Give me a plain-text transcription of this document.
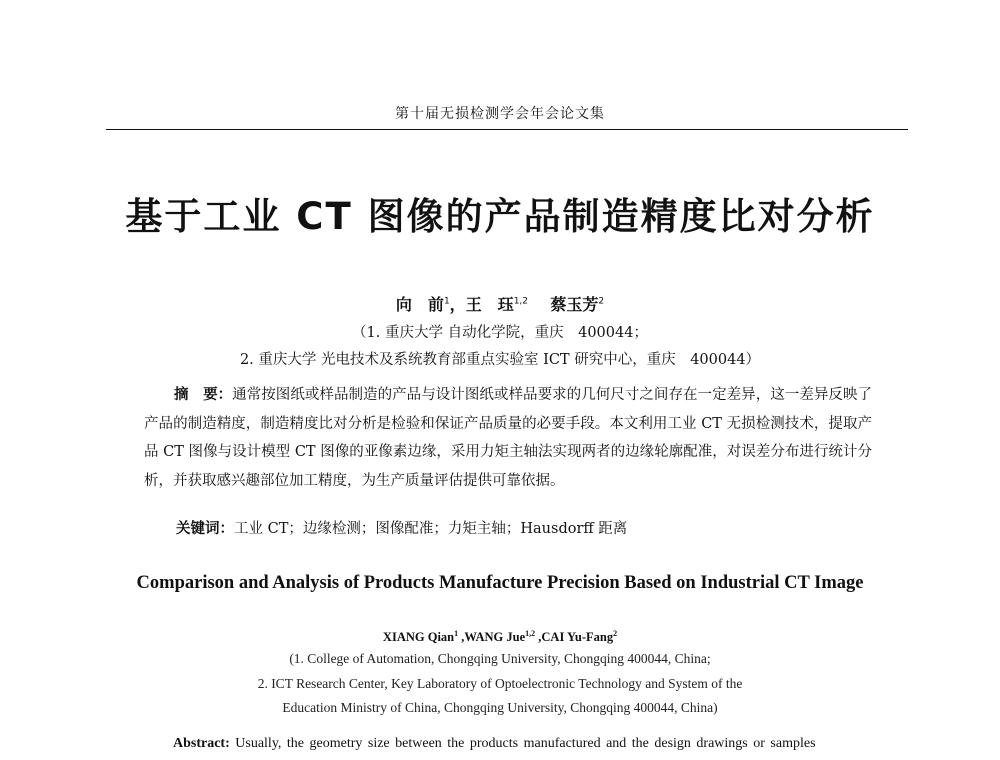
第十届无损检测学会年会论文集
基于工业 CT 图像的产品制造精度比对分析
向　前$^1$，王　珏$^{1,2}$ 蔡玉芳$^2$
（1. 重庆大学 自动化学院，重庆　400044；
2. 重庆大学 光电技术及系统教育部重点实验室 ICT 研究中心，重庆　400044）

摘　要：通常按图纸或样品制造的产品与设计图纸或样品要求的几何尺寸之间存在一定差异，这一差异反映了产品的制造精度，制造精度比对分析是检验和保证产品质量的必要手段。本文利用工业 CT 无损检测技术，提取产品 CT 图像与设计模型 CT 图像的亚像素边缘，采用力矩主轴法实现两者的边缘轮廓配准，对误差分布进行统计分析，并获取感兴趣部位加工精度，为生产质量评估提供可靠依据。

关键词：工业 CT；边缘检测；图像配准；力矩主轴；Hausdorff 距离
Comparison and Analysis of Products Manufacture Precision Based on Industrial CT Image
XIANG Qian$^1$ ,WANG Jue$^{1,2}$ ,CAI Yu-Fang$^2$
(1. College of Automation, Chongqing University, Chongqing 400044, China;
2. ICT Research Center, Key Laboratory of Optoelectronic Technology and System of the
Education Ministry of China, Chongqing University, Chongqing 400044, China)

Abstract: Usually, the geometry size between the products manufactured and the design drawings or samples
